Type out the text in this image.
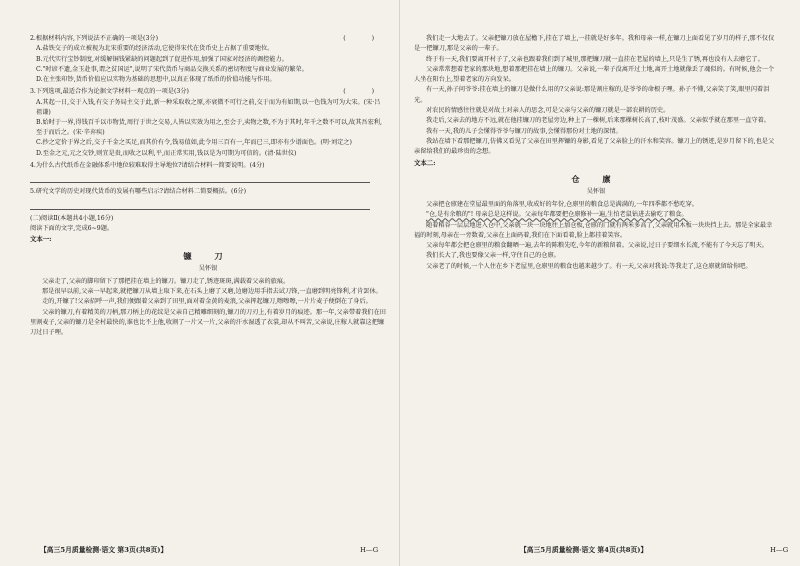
2.根据材料内容,下列说法不正确的一项是(3分)	( )

A.盐铁交子的成立被视为北宋重要的经济活动,它使得宋代在货币史上占据了重要地位。

B.元代实行宝钞制度,对缓解铜钱紧缺的问题起到了促进作用,加强了国家对经济的调控能力。

C."时谚不遗,金玉赴事,谓之贫国运",说明了宋代货币与商品交换关系的密切程度与商业发展的繁荣。

D.在主张印钞,货币价值应以实物为基础的思想中,以真正体现了纸币的价值功能与作用。

3.下列选项,最适合作为论据文学材料一观点的一项是(3分)	( )

A.其起一日,交于入钱,有交子务局主交于此,新一种采取收之原,亦衰微不可行之前,交于而为有如期,以一色钱为可为大宋。(宋·吕祖谦)

B.始时于一界,得钱百千以市物货,周行于世之交易,人皆以实效为用之,至会于,卖物之数,不为于其时,年千之数不可以,故其吾宏利,至于而后之。(宋·辛弃疾)

C.抄之定价于界之后,交子千金之买足,而其价有令,钱易值如,此令用三百有一,年而已三,即亦有少谱面色。(明·刘定之)

D.至金之元,元之交钞,则宜是贵,而收之以利,平,而正常实用,钱以是为可期为可信的。(清·陆世仪)

4.为什么古代纸币在金融体系中地位较难取得主导地位?请结合材料一简要说明。(4分)

5.研究文学的历史对现代货币的发展有哪些启示?请结合材料二简要概括。(6分)

(二)阅读Ⅱ(本题共4小题,16分)

阅读下面的文字,完成6~9题。

文本一:

镰 刀
吴怀银

父亲走了,父亲的脚印留下了那把挂在墙上的镰刀。镰刀走了,锈迹斑斑,满载着父亲的旅痕。

那是很早以前,父亲一早起来,就把镰刀从墙上取下来,在石头上磨了又磨,边磨边用手指去试刀锋,一直磨到明亮锋利,才肯罢休。

走的,开镰了!父亲招呼一声,我们便跟着父亲到了田里,面对着金黄的麦浪,父亲挥起镰刀,嚓嚓嚓,一片片麦子便倒在了身后。

父亲的镰刀,有着精美的刀柄,那刀柄上的花纹是父亲自己精雕细刻的,镰刀的刀刃上,有着岁月的痕迹。那一年,父亲带着我们在田里割麦子,父亲的镰刀是全村最快的,谁也比不上他,收割了一片又一片,父亲的汗水湿透了衣裳,却从不叫苦,父亲说,庄稼人就靠这把镰刀过日子哩。

【高三5月质量检测·语文 第3页(共8页)】	H—G

我们走一大地去了。父亲把镰刀放在屋檐下,挂在了墙上,一挂就是好多年。我和母亲一样,在镰刀上面看见了岁月的样子,那不仅仅是一把镰刀,那是父亲的一辈子。

终于有一天,我们要离开村子了,父亲也跟着我们到了城里,那把镰刀就一直挂在老屋的墙上,只是生了锈,再也没有人去磨它了。

父亲常常想着老家的那块地,想着那把挂在墙上的镰刀。父亲说,一辈子没离开过土地,离开土地就像丢了魂似的。有时候,他会一个人坐在阳台上,望着老家的方向发呆。

有一天,孙子问爷爷:挂在墙上的镰刀是做什么用的?父亲说:那是割庄稼的,是爷爷的命根子哩。孙子不懂,父亲笑了笑,眼里闪着泪光。

对农民的情感往往就是对故土对亲人的思念,可是父亲与父亲的镰刀就是一部农耕的历史。

我走后,父亲去的地方不远,就在他挂镰刀的老屋旁边,种上了一棵树,后来那棵树长高了,枝叶茂盛。父亲似乎就在那里一直守着。

我有一天,我的儿子会懂得爷爷与镰刀的故事,会懂得那份对土地的深情。

我站在墙下看那把镰刀,仿佛又看见了父亲在田里挥镰的身影,看见了父亲脸上的汗水和笑容。镰刀上的锈迹,是岁月留下的,也是父亲留给我们的最珍贵的念想。

文本二:

仓 廪
吴怀银

父亲把仓廪建在堂屋最里面的角落里,收成好的年份,仓廪里的粮食总是满满的,一年四季都不愁吃穿。

"仓,是有余粮的"! 母亲总是这样说。父亲每年都要把仓廪修补一遍,生怕老鼠钻进去偷吃了粮食。

随着稻谷一层层地进入仓中,父亲就一块一块地往上加仓板,仓廪的门就有两米多高了,父亲就用木板一块块挡上去。那是全家最幸福的时刻,母亲在一旁数着,父亲在上面码着,我们在下面看着,脸上都挂着笑容。

父亲每年都会把仓廪里的粮食翻晒一遍,去年的陈粮先吃,今年的新粮留着。父亲说,过日子要细水长流,不能有了今天忘了明天。

我们长大了,我也要像父亲一样,守住自己的仓廪。

父亲老了的时候,一个人住在乡下老屋里,仓廪里的粮食也越来越少了。有一天,父亲对我说:等我走了,这仓廪就留给你吧。

【高三5月质量检测·语文 第4页(共8页)】	H—G
